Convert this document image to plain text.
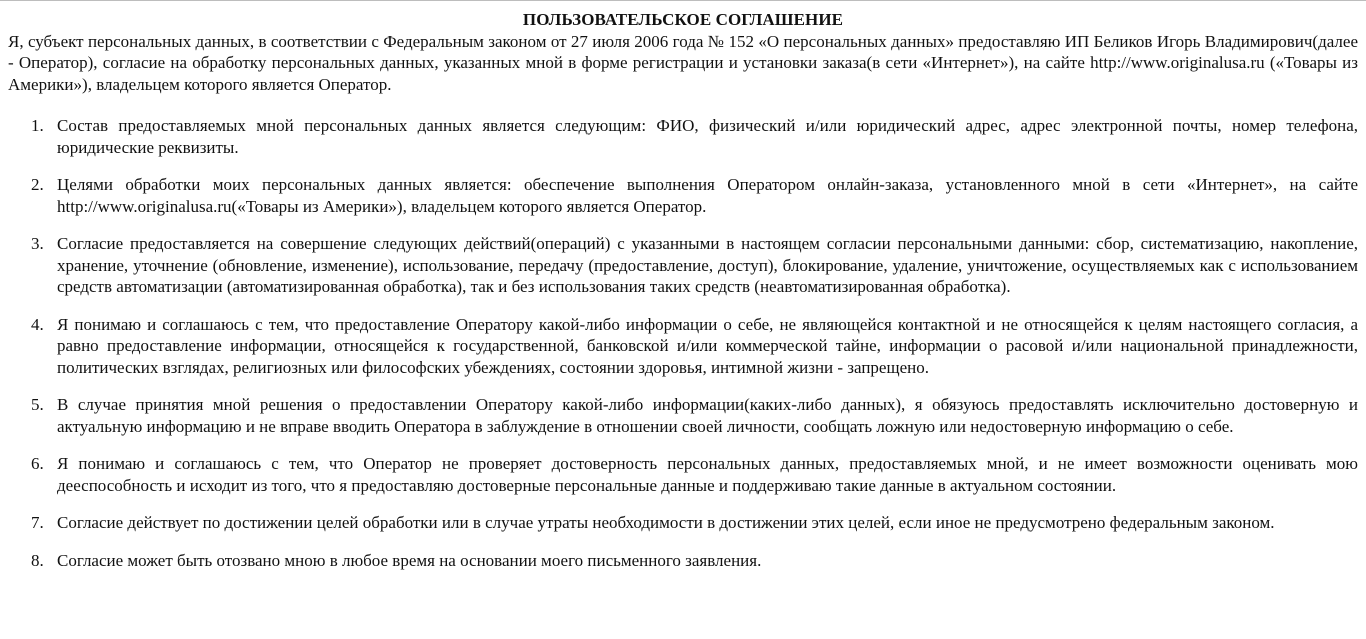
ПОЛЬЗОВАТЕЛЬСКОЕ СОГЛАШЕНИЕ

Я, субъект персональных данных, в соответствии с Федеральным законом от 27 июля 2006 года № 152 «О персональных данных» предоставляю ИП Беликов Игорь Владимирович(далее - Оператор), согласие на обработку персональных данных, указанных мной в форме регистрации и установки заказа(в сети «Интернет»), на сайте http://www.originalusa.ru («Товары из Америки»), владельцем которого является Оператор.

1. Состав предоставляемых мной персональных данных является следующим: ФИО, физический и/или юридический адрес, адрес электронной почты, номер телефона, юридические реквизиты.
2. Целями обработки моих персональных данных является: обеспечение выполнения Оператором онлайн-заказа, установленного мной в сети «Интернет», на сайте http://www.originalusa.ru(«Товары из Америки»), владельцем которого является Оператор.
3. Согласие предоставляется на совершение следующих действий(операций) с указанными в настоящем согласии персональными данными: сбор, систематизацию, накопление, хранение, уточнение (обновление, изменение), использование, передачу (предоставление, доступ), блокирование, удаление, уничтожение, осуществляемых как с использованием средств автоматизации (автоматизированная обработка), так и без использования таких средств (неавтоматизированная обработка).
4. Я понимаю и соглашаюсь с тем, что предоставление Оператору какой-либо информации о себе, не являющейся контактной и не относящейся к целям настоящего согласия, а равно предоставление информации, относящейся к государственной, банковской и/или коммерческой тайне, информации о расовой и/или национальной принадлежности, политических взглядах, религиозных или философских убеждениях, состоянии здоровья, интимной жизни - запрещено.
5. В случае принятия мной решения о предоставлении Оператору какой-либо информации(каких-либо данных), я обязуюсь предоставлять исключительно достоверную и актуальную информацию и не вправе вводить Оператора в заблуждение в отношении своей личности, сообщать ложную или недостоверную информацию о себе.
6. Я понимаю и соглашаюсь с тем, что Оператор не проверяет достоверность персональных данных, предоставляемых мной, и не имеет возможности оценивать мою дееспособность и исходит из того, что я предоставляю достоверные персональные данные и поддерживаю такие данные в актуальном состоянии.
7. Согласие действует по достижении целей обработки или в случае утраты необходимости в достижении этих целей, если иное не предусмотрено федеральным законом.
8. Согласие может быть отозвано мною в любое время на основании моего письменного заявления.
